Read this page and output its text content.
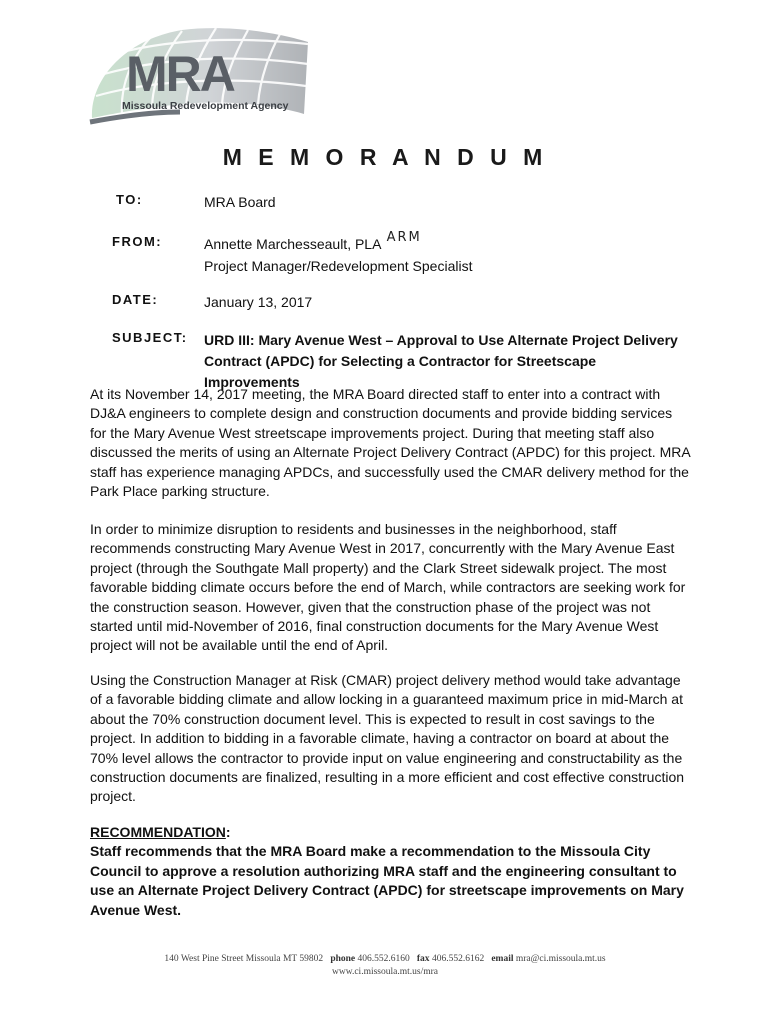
MRA
Missoula Redevelopment Agency
M E M O R A N D U M
TO:	MRA Board
FROM:	Annette Marchesseault, PLA ARM
Project Manager/Redevelopment Specialist
DATE:	January 13, 2017
SUBJECT: URD III: Mary Avenue West – Approval to Use Alternate Project Delivery
Contract (APDC) for Selecting a Contractor for Streetscape Improvements

At its November 14, 2017 meeting, the MRA Board directed staff to enter into a contract with DJ&A engineers to complete design and construction documents and provide bidding services for the Mary Avenue West streetscape improvements project. During that meeting staff also discussed the merits of using an Alternate Project Delivery Contract (APDC) for this project. MRA staff has experience managing APDCs, and successfully used the CMAR delivery method for the Park Place parking structure.

In order to minimize disruption to residents and businesses in the neighborhood, staff recommends constructing Mary Avenue West in 2017, concurrently with the Mary Avenue East project (through the Southgate Mall property) and the Clark Street sidewalk project. The most favorable bidding climate occurs before the end of March, while contractors are seeking work for the construction season. However, given that the construction phase of the project was not started until mid-November of 2016, final construction documents for the Mary Avenue West project will not be available until the end of April.

Using the Construction Manager at Risk (CMAR) project delivery method would take advantage of a favorable bidding climate and allow locking in a guaranteed maximum price in mid-March at about the 70% construction document level. This is expected to result in cost savings to the project. In addition to bidding in a favorable climate, having a contractor on board at about the 70% level allows the contractor to provide input on value engineering and constructability as the construction documents are finalized, resulting in a more efficient and cost effective construction project.

RECOMMENDATION:
Staff recommends that the MRA Board make a recommendation to the Missoula City Council to approve a resolution authorizing MRA staff and the engineering consultant to use an Alternate Project Delivery Contract (APDC) for streetscape improvements on Mary Avenue West.
140 West Pine Street Missoula MT 59802 phone 406.552.6160 fax 406.552.6162 email mra@ci.missoula.mt.us
www.ci.missoula.mt.us/mra
